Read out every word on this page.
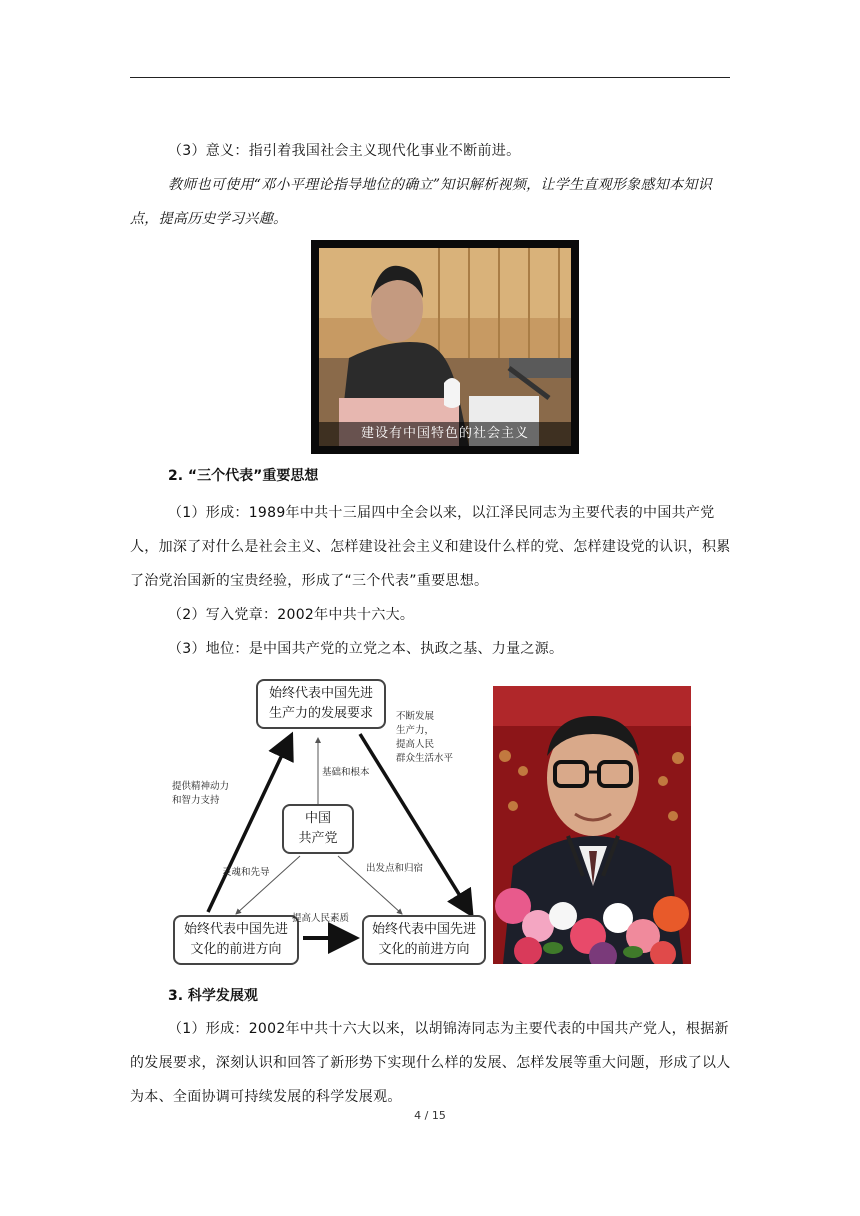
（3）意义：指引着我国社会主义现代化事业不断前进。
教师也可使用“邓小平理论指导地位的确立”知识解析视频，让学生直观形象感知本知识点，提高历史学习兴趣。
建设有中国特色的社会主义
2. “三个代表”重要思想
（1）形成：1989年中共十三届四中全会以来，以江泽民同志为主要代表的中国共产党人，加深了对什么是社会主义、怎样建设社会主义和建设什么样的党、怎样建设党的认识，积累了治党治国新的宝贵经验，形成了“三个代表”重要思想。
（2）写入党章：2002年中共十六大。
（3）地位：是中国共产党的立党之本、执政之基、力量之源。
始终代表中国先进
生产力的发展要求
中国
共产党
始终代表中国先进
文化的前进方向
始终代表中国先进
文化的前进方向
提供精神动力
和智力支持
不断发展
生产力，
提高人民
群众生活水平
基础和根本
灵魂和先导	出发点和归宿
提高人民素质
3. 科学发展观
（1）形成：2002年中共十六大以来，以胡锦涛同志为主要代表的中国共产党人，根据新的发展要求，深刻认识和回答了新形势下实现什么样的发展、怎样发展等重大问题，形成了以人为本、全面协调可持续发展的科学发展观。
4 / 15
